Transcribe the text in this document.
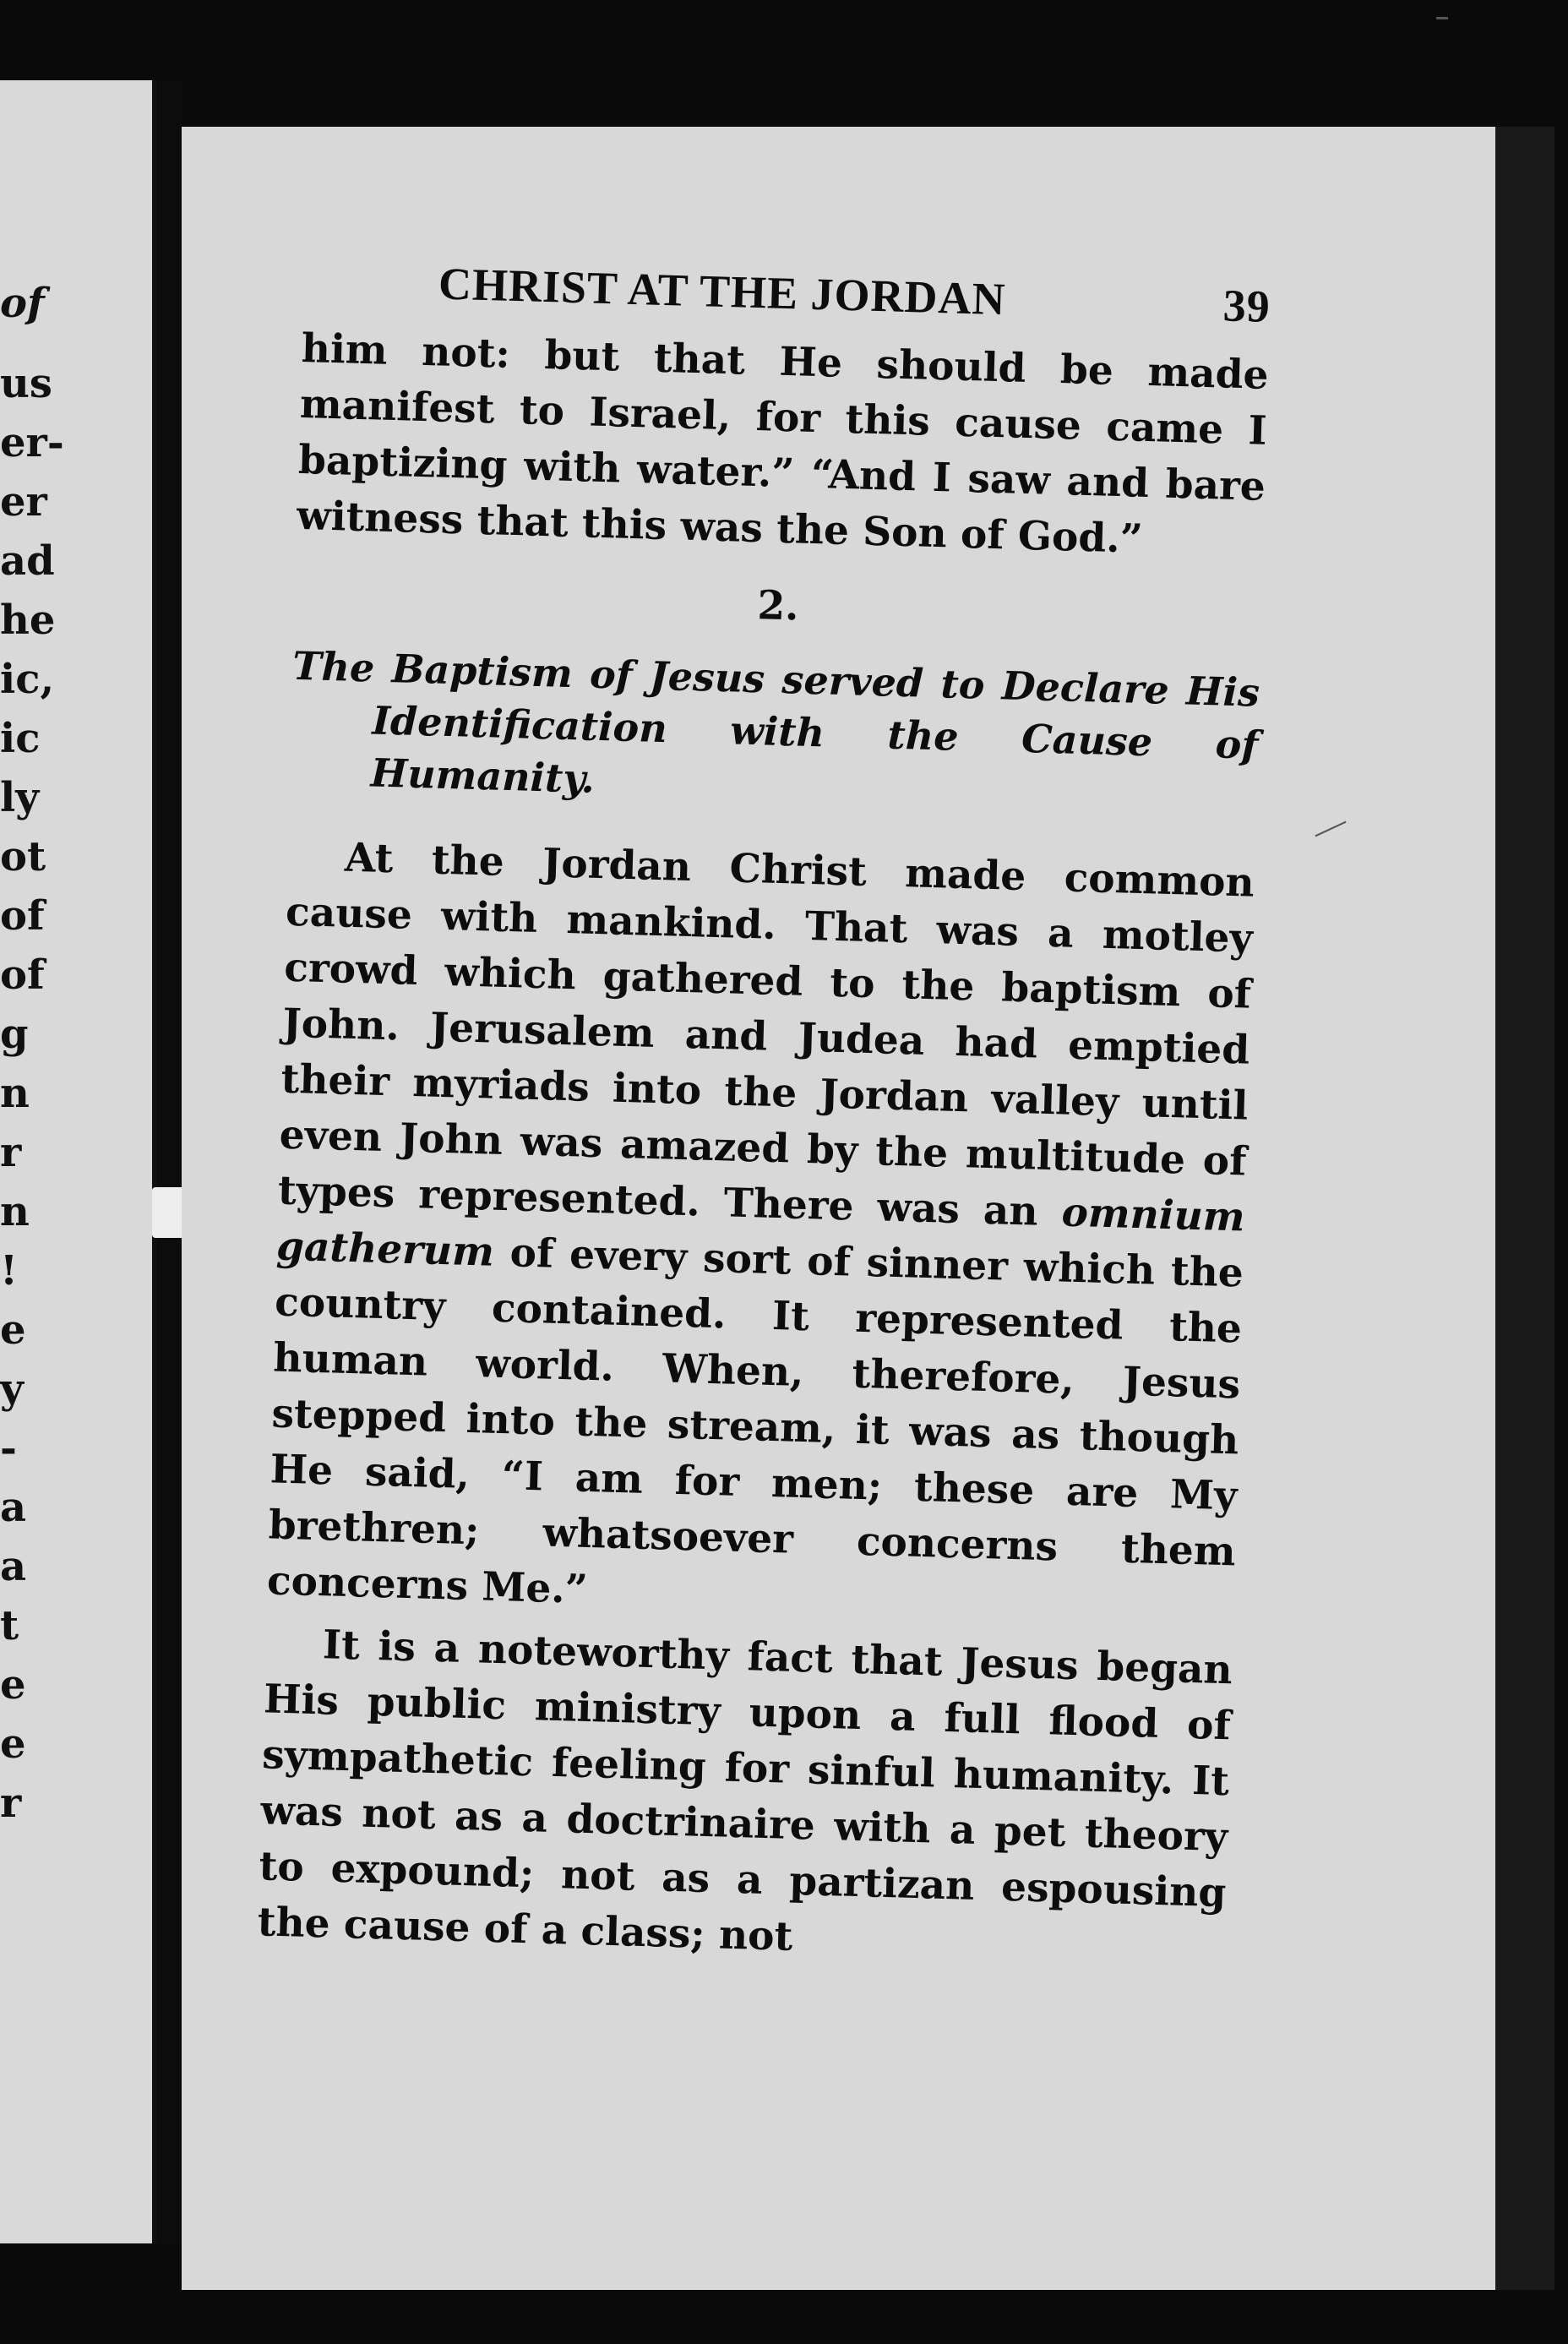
of
us
er-
er
ad
he
ic,
ic
ly
ot
of
of
g
n
r
n
!
e
y
-
a
a
t
e
e
r
CHRIST AT THE JORDAN	39

him not: but that He should be made manifest to Israel, for this cause came I baptizing with water.” “And I saw and bare witness that this was the Son of God.”

2.

The Baptism of Jesus served to Declare His Identification with the Cause of Humanity.

At the Jordan Christ made common cause with mankind. That was a motley crowd which gathered to the baptism of John. Jerusalem and Judea had emptied their myriads into the Jordan valley until even John was amazed by the multitude of types represented. There was an omnium gatherum of every sort of sinner which the country contained. It represented the human world. When, therefore, Jesus stepped into the stream, it was as though He said, “I am for men; these are My brethren; whatsoever concerns them concerns Me.”

It is a noteworthy fact that Jesus began His public ministry upon a full flood of sympathetic feeling for sinful humanity. It was not as a doctrinaire with a pet theory to expound; not as a partizan espousing the cause of a class; not
